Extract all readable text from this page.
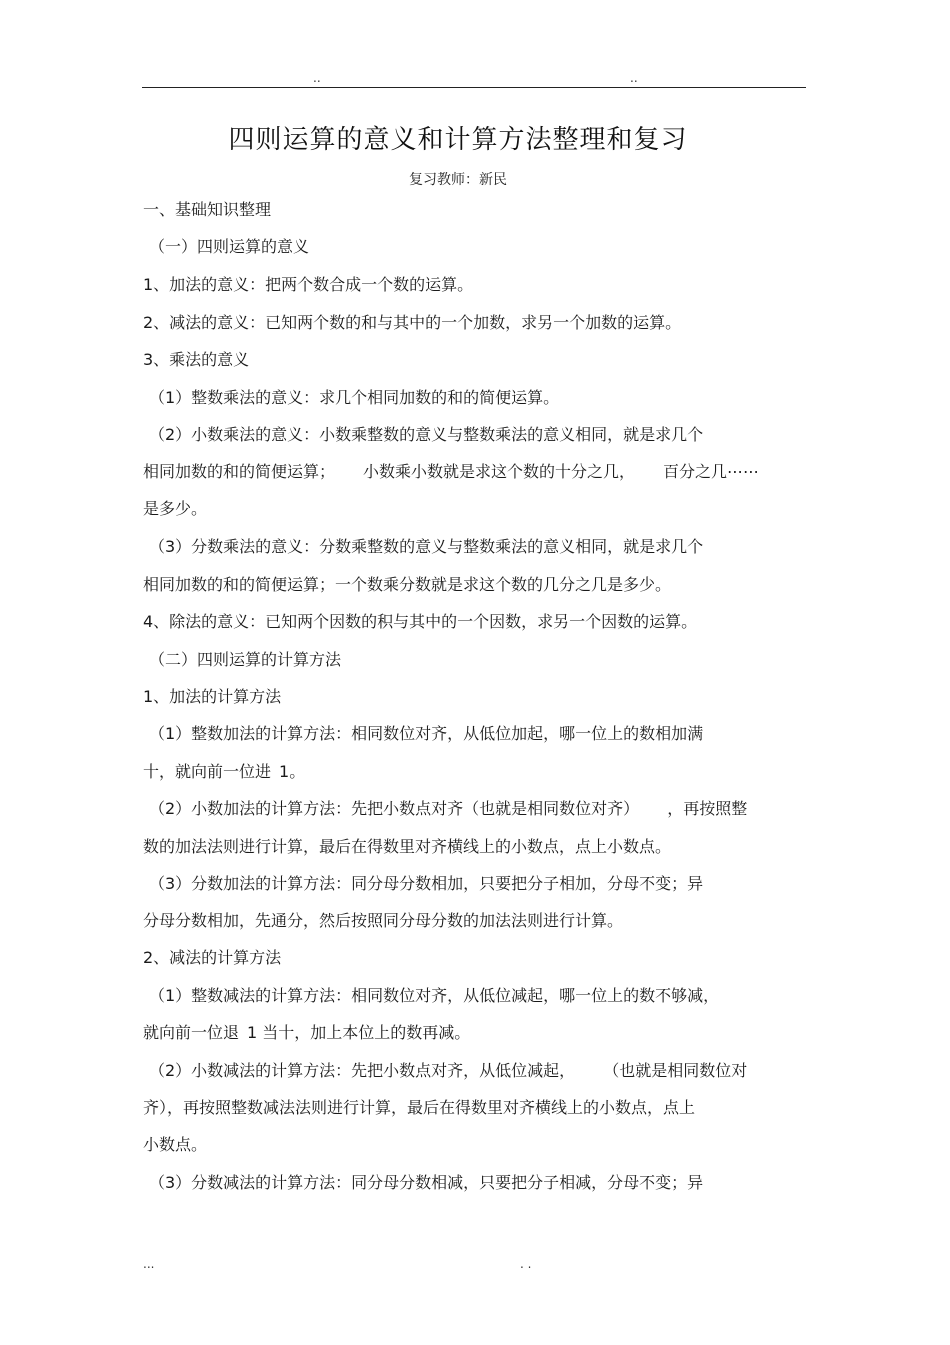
..	..
四则运算的意义和计算方法整理和复习
复习教师：新民
一、基础知识整理
（一）四则运算的意义
1、加法的意义：把两个数合成一个数的运算。
2、减法的意义：已知两个数的和与其中的一个加数，求另一个加数的运算。
3、乘法的意义
（1）整数乘法的意义：求几个相同加数的和的简便运算。
（2）小数乘法的意义：小数乘整数的意义与整数乘法的意义相同，就是求几个
相同加数的和的简便运算； 小数乘小数就是求这个数的十分之几， 百分之几⋯⋯
是多少。
（3）分数乘法的意义：分数乘整数的意义与整数乘法的意义相同，就是求几个
相同加数的和的简便运算；一个数乘分数就是求这个数的几分之几是多少。
4、除法的意义：已知两个因数的积与其中的一个因数，求另一个因数的运算。
（二）四则运算的计算方法
1、加法的计算方法
（1）整数加法的计算方法：相同数位对齐，从低位加起，哪一位上的数相加满
十，就向前一位进 1。
（2）小数加法的计算方法：先把小数点对齐（也就是相同数位对齐） ，再按照整
数的加法法则进行计算，最后在得数里对齐横线上的小数点，点上小数点。
（3）分数加法的计算方法：同分母分数相加，只要把分子相加，分母不变；异
分母分数相加，先通分，然后按照同分母分数的加法法则进行计算。
2、减法的计算方法
（1）整数减法的计算方法：相同数位对齐，从低位减起，哪一位上的数不够减，
就向前一位退 1 当十，加上本位上的数再减。
（2）小数减法的计算方法：先把小数点对齐，从低位减起， （也就是相同数位对
齐），再按照整数减法法则进行计算，最后在得数里对齐横线上的小数点，点上
小数点。
（3）分数减法的计算方法：同分母分数相减，只要把分子相减，分母不变；异
...	. .
